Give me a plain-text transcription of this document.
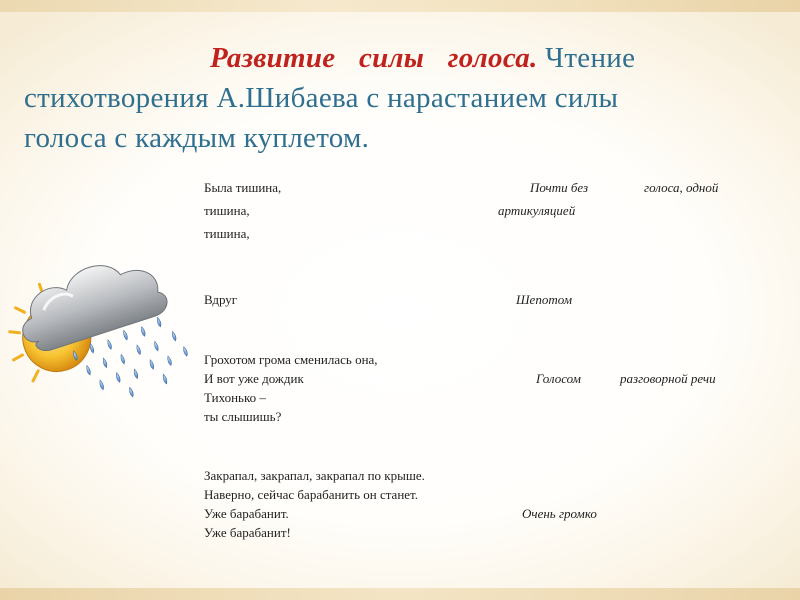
Развитие силы голоса. Чтение
стихотворения А.Шибаева с нарастанием силы
голоса с каждым куплетом.
Была тишина,
тишина,
тишина,
Почти без	голоса, одной
артикуляцией
Вдруг	Шепотом
Грохотом грома сменилась она,
И вот уже дождик
Тихонько –
ты слышишь?
Голосом	разговорной речи
Закрапал, закрапал, закрапал по крыше.
Наверно, сейчас барабанить он станет.
Уже барабанит.
Уже барабанит!
Очень громко
